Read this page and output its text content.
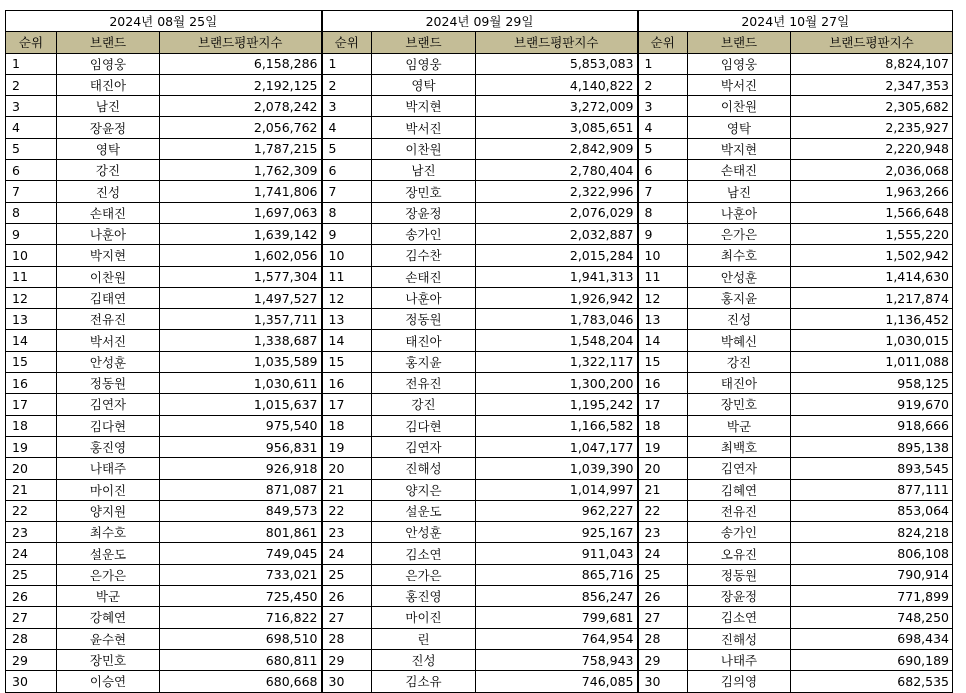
2024년 08월 25일			2024년 09월 29일			2024년 10월 27일		
순위	브랜드	브랜드평판지수	순위	브랜드	브랜드평판지수	순위	브랜드	브랜드평판지수
1	임영웅	6,158,286	1	임영웅	5,853,083	1	임영웅	8,824,107
2	태진아	2,192,125	2	영탁	4,140,822	2	박서진	2,347,353
3	남진	2,078,242	3	박지현	3,272,009	3	이찬원	2,305,682
4	장윤정	2,056,762	4	박서진	3,085,651	4	영탁	2,235,927
5	영탁	1,787,215	5	이찬원	2,842,909	5	박지현	2,220,948
6	강진	1,762,309	6	남진	2,780,404	6	손태진	2,036,068
7	진성	1,741,806	7	장민호	2,322,996	7	남진	1,963,266
8	손태진	1,697,063	8	장윤정	2,076,029	8	나훈아	1,566,648
9	나훈아	1,639,142	9	송가인	2,032,887	9	은가은	1,555,220
10	박지현	1,602,056	10	김수찬	2,015,284	10	최수호	1,502,942
11	이찬원	1,577,304	11	손태진	1,941,313	11	안성훈	1,414,630
12	김태연	1,497,527	12	나훈아	1,926,942	12	홍지윤	1,217,874
13	전유진	1,357,711	13	정동원	1,783,046	13	진성	1,136,452
14	박서진	1,338,687	14	태진아	1,548,204	14	박혜신	1,030,015
15	안성훈	1,035,589	15	홍지윤	1,322,117	15	강진	1,011,088
16	정동원	1,030,611	16	전유진	1,300,200	16	태진아	958,125
17	김연자	1,015,637	17	강진	1,195,242	17	장민호	919,670
18	김다현	975,540	18	김다현	1,166,582	18	박군	918,666
19	홍진영	956,831	19	김연자	1,047,177	19	최백호	895,138
20	나태주	926,918	20	진해성	1,039,390	20	김연자	893,545
21	마이진	871,087	21	양지은	1,014,997	21	김혜연	877,111
22	양지원	849,573	22	설운도	962,227	22	전유진	853,064
23	최수호	801,861	23	안성훈	925,167	23	송가인	824,218
24	설운도	749,045	24	김소연	911,043	24	오유진	806,108
25	은가은	733,021	25	은가은	865,716	25	정동원	790,914
26	박군	725,450	26	홍진영	856,247	26	장윤정	771,899
27	강혜연	716,822	27	마이진	799,681	27	김소연	748,250
28	윤수현	698,510	28	린	764,954	28	진해성	698,434
29	장민호	680,811	29	진성	758,943	29	나태주	690,189
30	이승연	680,668	30	김소유	746,085	30	김의영	682,535
